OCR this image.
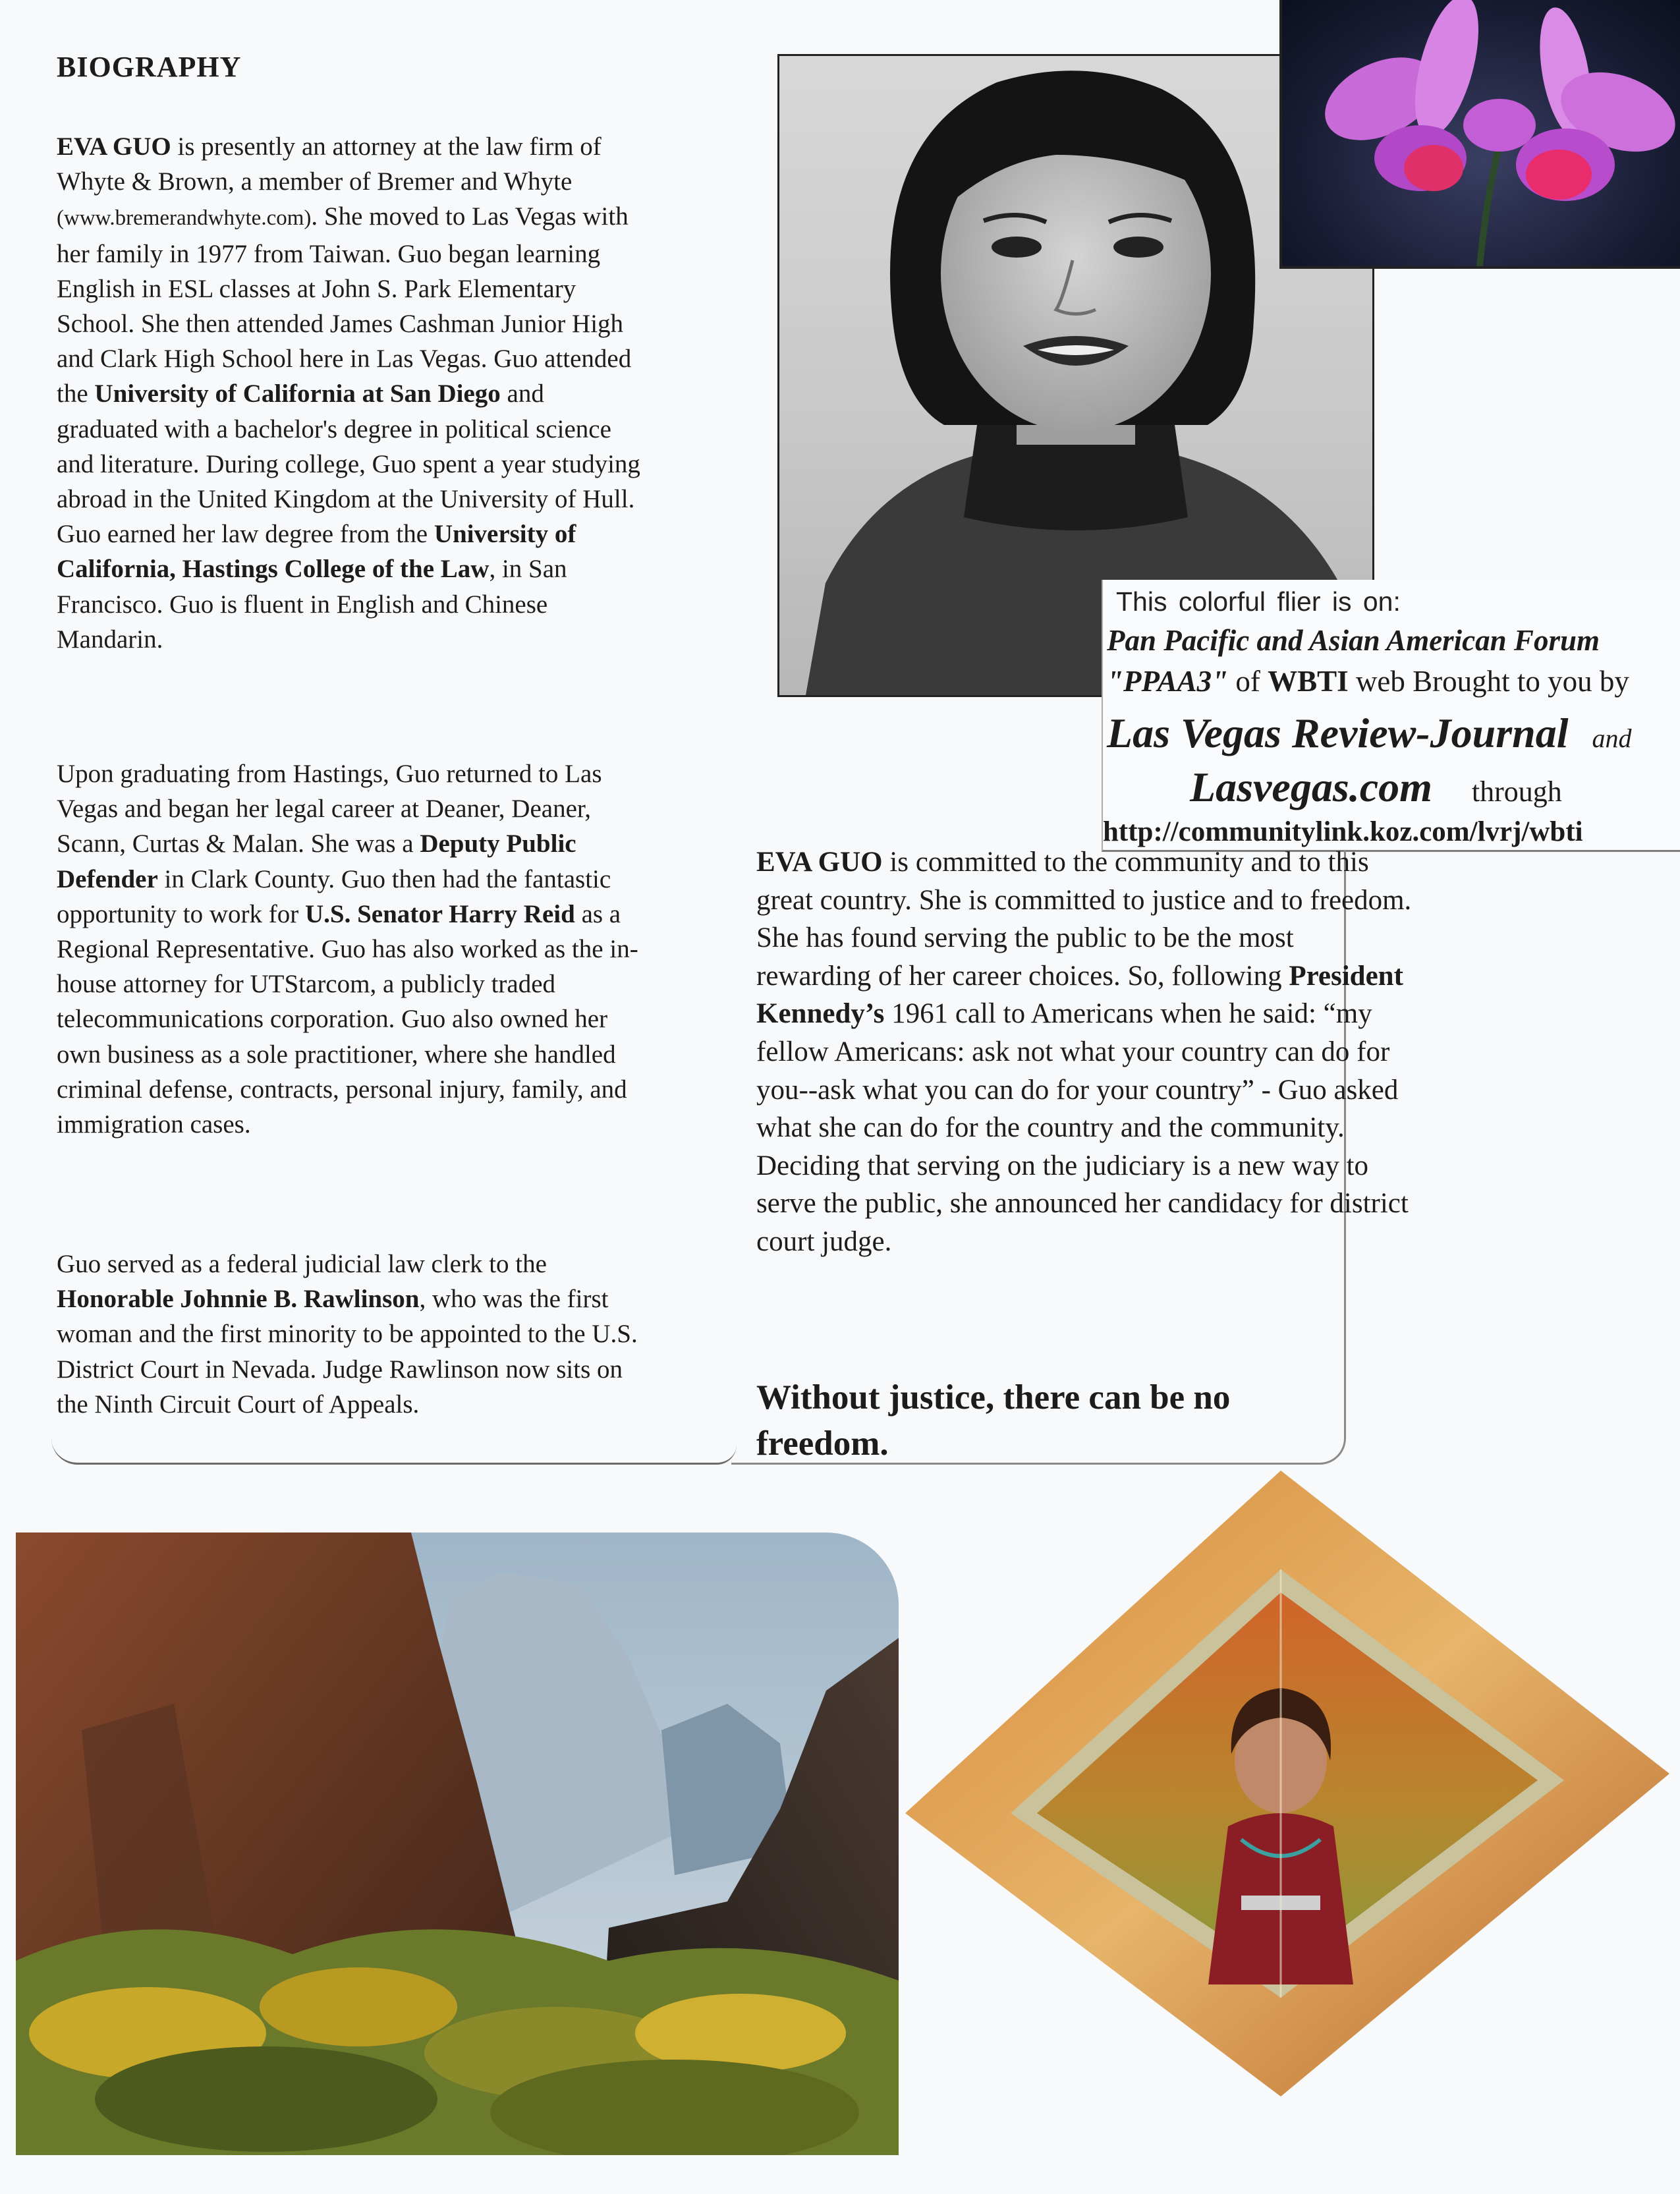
BIOGRAPHY
EVA GUO is presently an attorney at the law firm of Whyte & Brown, a member of Bremer and Whyte (www.bremerandwhyte.com). She moved to Las Vegas with her family in 1977 from Taiwan. Guo began learning English in ESL classes at John S. Park Elementary School. She then attended James Cashman Junior High and Clark High School here in Las Vegas. Guo attended the University of California at San Diego and graduated with a bachelor's degree in political science and literature. During college, Guo spent a year studying abroad in the United Kingdom at the University of Hull. Guo earned her law degree from the University of California, Hastings College of the Law, in San Francisco. Guo is fluent in English and Chinese Mandarin.
Upon graduating from Hastings, Guo returned to Las Vegas and began her legal career at Deaner, Deaner, Scann, Curtas & Malan. She was a Deputy Public Defender in Clark County. Guo then had the fantastic opportunity to work for U.S. Senator Harry Reid as a Regional Representative. Guo has also worked as the in-house attorney for UTStarcom, a publicly traded telecommunications corporation. Guo also owned her own business as a sole practitioner, where she handled criminal defense, contracts, personal injury, family, and immigration cases.
Guo served as a federal judicial law clerk to the Honorable Johnnie B. Rawlinson, who was the first woman and the first minority to be appointed to the U.S. District Court in Nevada. Judge Rawlinson now sits on the Ninth Circuit Court of Appeals.
This colorful flier is on:
Pan Pacific and Asian American Forum
"PPAA3" of WBTI web Brought to you by
Las Vegas Review-Journal and
Lasvegas.com through
http://communitylink.koz.com/lvrj/wbti
EVA GUO is committed to the community and to this great country. She is committed to justice and to freedom. She has found serving the public to be the most rewarding of her career choices. So, following President Kennedy’s 1961 call to Americans when he said: “my fellow Americans: ask not what your country can do for you--ask what you can do for your country” - Guo asked what she can do for the country and the community. Deciding that serving on the judiciary is a new way to serve the public, she announced her candidacy for district court judge.
Without justice, there can be no freedom.
